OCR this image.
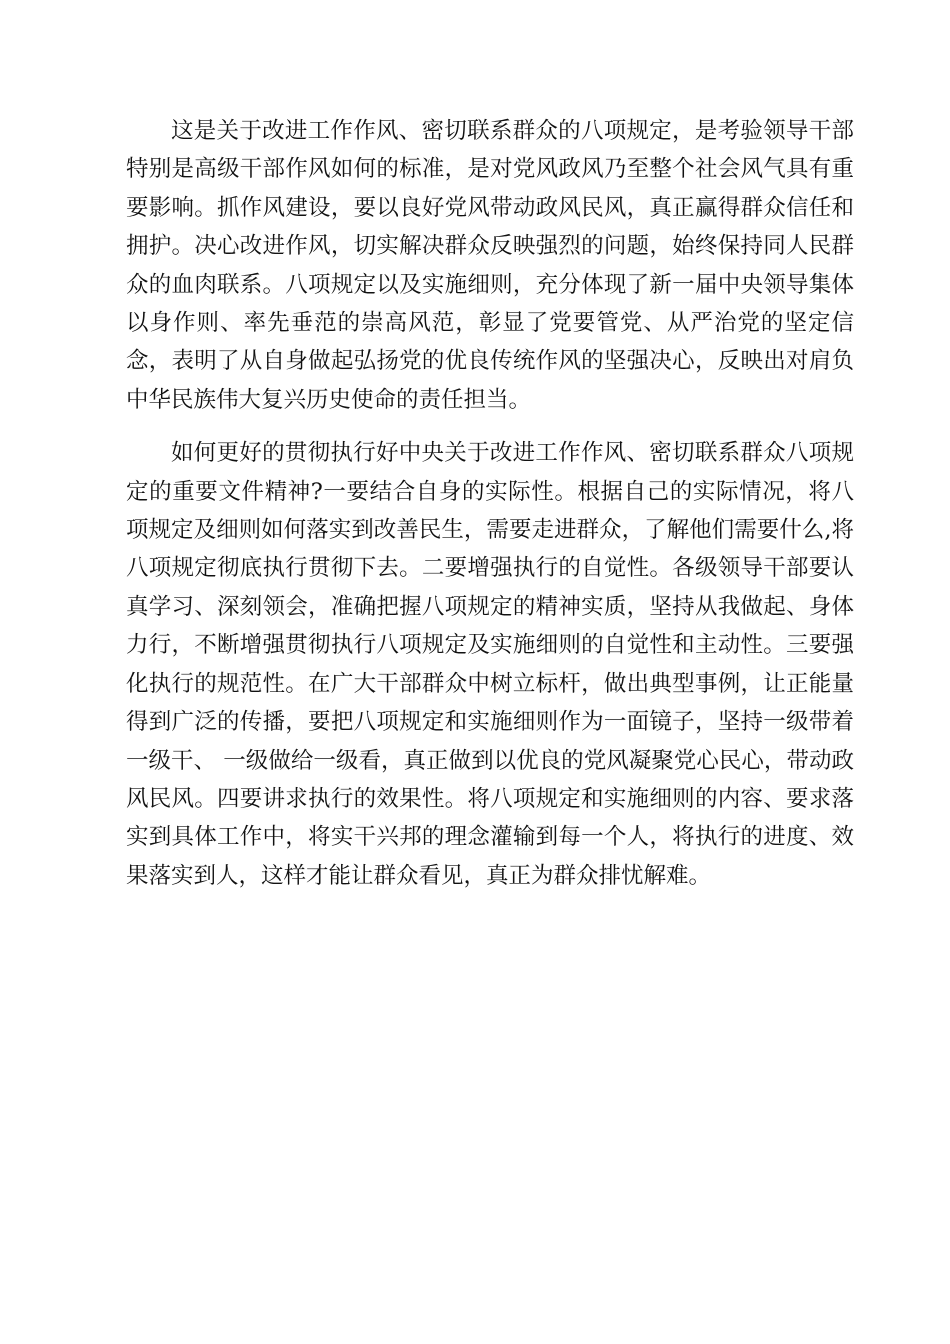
这是关于改进工作作风、密切联系群众的八项规定，是考验领导干部特别是高级干部作风如何的标准，是对党风政风乃至整个社会风气具有重要影响。抓作风建设，要以良好党风带动政风民风，真正赢得群众信任和拥护。决心改进作风，切实解决群众反映强烈的问题，始终保持同人民群众的血肉联系。八项规定以及实施细则，充分体现了新一届中央领导集体以身作则、率先垂范的崇高风范，彰显了党要管党、从严治党的坚定信念，表明了从自身做起弘扬党的优良传统作风的坚强决心，反映出对肩负中华民族伟大复兴历史使命的责任担当。

如何更好的贯彻执行好中央关于改进工作作风、密切联系群众八项规定的重要文件精神?一要结合自身的实际性。根据自己的实际情况，将八项规定及细则如何落实到改善民生，需要走进群众，了解他们需要什么,将八项规定彻底执行贯彻下去。二要增强执行的自觉性。各级领导干部要认真学习、深刻领会，准确把握八项规定的精神实质，坚持从我做起、身体力行，不断增强贯彻执行八项规定及实施细则的自觉性和主动性。三要强化执行的规范性。在广大干部群众中树立标杆，做出典型事例，让正能量得到广泛的传播，要把八项规定和实施细则作为一面镜子，坚持一级带着一级干、 一级做给一级看，真正做到以优良的党风凝聚党心民心，带动政风民风。四要讲求执行的效果性。将八项规定和实施细则的内容、要求落实到具体工作中，将实干兴邦的理念灌输到每一个人，将执行的进度、效果落实到人，这样才能让群众看见，真正为群众排忧解难。
